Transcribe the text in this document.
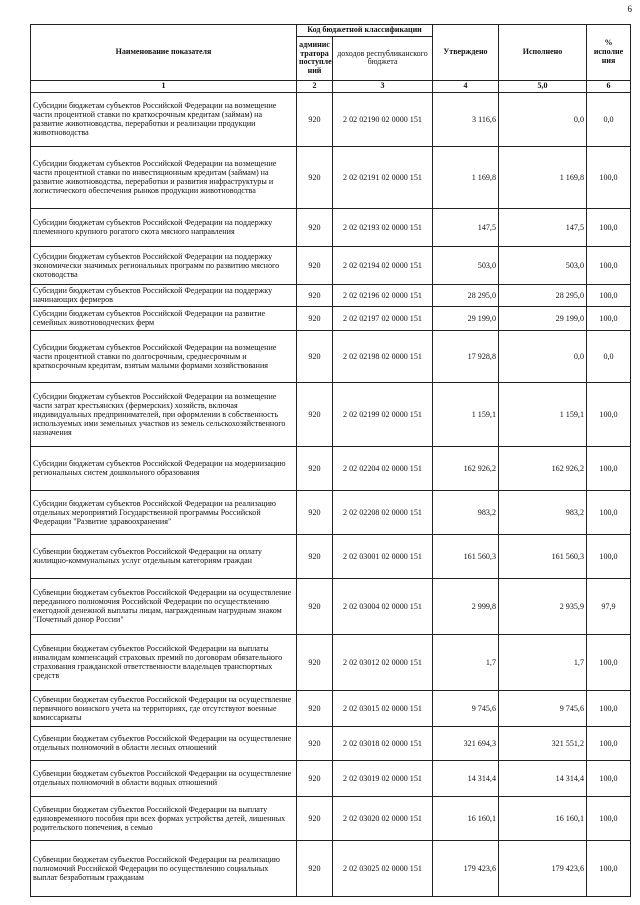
6
Наименование показателя	Код бюджетной классификации		Утверждено	Исполнено	% исполне ния
	админис тратора поступле ний	доходов республиканского бюджета			
1	2	3	4	5,0	6
Субсидии бюджетам субъектов Российской Федерации на возмещение части процентной ставки по краткосрочным кредитам (займам) на развитие животноводства, переработки и реализации продукции животноводства	920	2 02 02190 02 0000 151	3 116,6	0,0	0,0
Субсидии бюджетам субъектов Российской Федерации на возмещение части процентной ставки по инвестиционным кредитам (займам) на развитие животноводства, переработки и развития инфраструктуры и логистического обеспечения рынков продукции животноводства	920	2 02 02191 02 0000 151	1 169,8	1 169,8	100,0
Субсидии бюджетам субъектов Российской Федерации на поддержку племенного крупного рогатого скота мясного направления	920	2 02 02193 02 0000 151	147,5	147,5	100,0
Субсидии бюджетам субъектов Российской Федерации на поддержку экономически значимых региональных программ по развитию мясного скотоводства	920	2 02 02194 02 0000 151	503,0	503,0	100,0
Субсидии бюджетам субъектов Российской Федерации на поддержку начинающих фермеров	920	2 02 02196 02 0000 151	28 295,0	28 295,0	100,0
Субсидии бюджетам субъектов Российской Федерации на развитие семейных животноводческих ферм	920	2 02 02197 02 0000 151	29 199,0	29 199,0	100,0
Субсидии бюджетам субъектов Российской Федерации на возмещение части процентной ставки по долгосрочным, среднесрочным и краткосрочным кредитам, взятым малыми формами хозяйствования	920	2 02 02198 02 0000 151	17 928,8	0,0	0,0
Субсидии бюджетам субъектов Российской Федерации на возмещение части затрат крестьянских (фермерских) хозяйств, включая индивидуальных предпринимателей, при оформлении в собственность используемых ими земельных участков из земель сельскохозяйственного назначения	920	2 02 02199 02 0000 151	1 159,1	1 159,1	100,0
Субсидии бюджетам субъектов Российской Федерации на модернизацию региональных систем дошкольного образования	920	2 02 02204 02 0000 151	162 926,2	162 926,2	100,0
Субсидии бюджетам субъектов Российской Федерации на реализацию отдельных мероприятий Государственной программы Российской Федерации "Развитие здравоохранения"	920	2 02 02208 02 0000 151	983,2	983,2	100,0
Субвенции бюджетам субъектов Российской Федерации на оплату жилищно-коммунальных услуг отдельным категориям граждан	920	2 02 03001 02 0000 151	161 560,3	161 560,3	100,0
Субвенции бюджетам субъектов Российской Федерации на осуществление переданного полномочия Российской Федерации по осуществлению ежегодной денежной выплаты лицам, награжденным нагрудным знаком "Почетный донор России"	920	2 02 03004 02 0000 151	2 999,8	2 935,9	97,9
Субвенции бюджетам субъектов Российской Федерации на выплаты инвалидам компенсаций страховых премий по договорам обязательного страхования гражданской ответственности владельцев транспортных средств	920	2 02 03012 02 0000 151	1,7	1,7	100,0
Субвенции бюджетам субъектов Российской Федерации на осуществление первичного воинского учета на территориях, где отсутствуют военные комиссариаты	920	2 02 03015 02 0000 151	9 745,6	9 745,6	100,0
Субвенции бюджетам субъектов Российской Федерации на осуществление отдельных полномочий в области лесных отношений	920	2 02 03018 02 0000 151	321 694,3	321 551,2	100,0
Субвенции бюджетам субъектов Российской Федерации на осуществление отдельных полномочий в области водных отношений	920	2 02 03019 02 0000 151	14 314,4	14 314,4	100,0
Субвенции бюджетам субъектов Российской Федерации на выплату единовременного пособия при всех формах устройства детей, лишенных родительского попечения, в семью	920	2 02 03020 02 0000 151	16 160,1	16 160,1	100,0
Субвенции бюджетам субъектов Российской Федерации на реализацию полномочий Российской Федерации по осуществлению социальных выплат безработным гражданам	920	2 02 03025 02 0000 151	179 423,6	179 423,6	100,0
